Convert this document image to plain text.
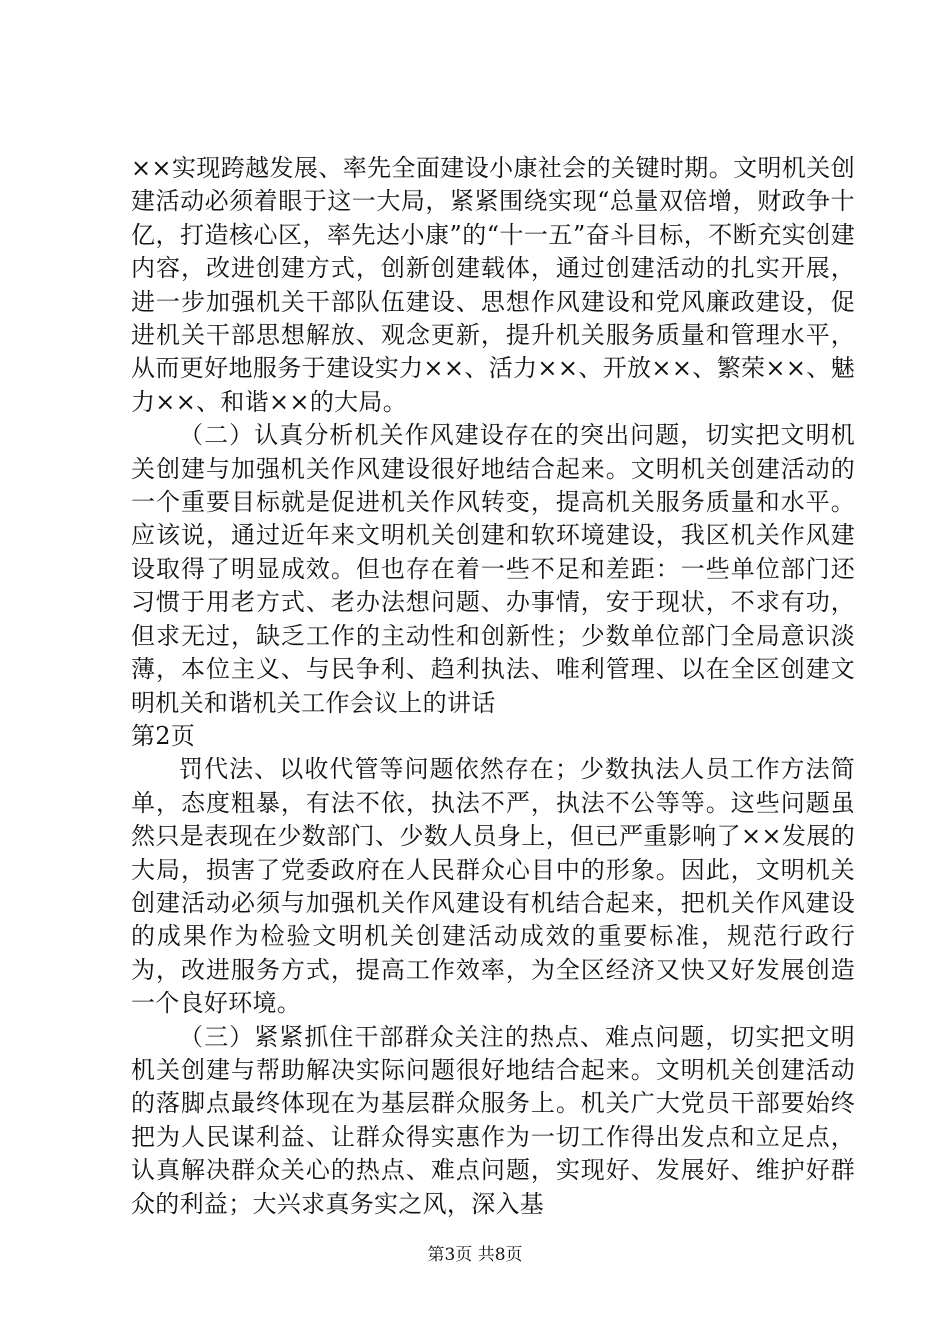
××实现跨越发展、率先全面建设小康社会的关键时期。文明机关创建活动必须着眼于这一大局，紧紧围绕实现“总量双倍增，财政争十亿，打造核心区，率先达小康”的“十一五”奋斗目标，不断充实创建内容，改进创建方式，创新创建载体，通过创建活动的扎实开展，进一步加强机关干部队伍建设、思想作风建设和党风廉政建设，促进机关干部思想解放、观念更新，提升机关服务质量和管理水平，从而更好地服务于建设实力××、活力××、开放××、繁荣××、魅力××、和谐××的大局。

（二）认真分析机关作风建设存在的突出问题，切实把文明机关创建与加强机关作风建设很好地结合起来。文明机关创建活动的一个重要目标就是促进机关作风转变，提高机关服务质量和水平。应该说，通过近年来文明机关创建和软环境建设，我区机关作风建设取得了明显成效。但也存在着一些不足和差距：一些单位部门还习惯于用老方式、老办法想问题、办事情，安于现状，不求有功，但求无过，缺乏工作的主动性和创新性；少数单位部门全局意识淡薄，本位主义、与民争利、趋利执法、唯利管理、以在全区创建文明机关和谐机关工作会议上的讲话

第2页

罚代法、以收代管等问题依然存在；少数执法人员工作方法简单，态度粗暴，有法不依，执法不严，执法不公等等。这些问题虽然只是表现在少数部门、少数人员身上，但已严重影响了××发展的大局，损害了党委政府在人民群众心目中的形象。因此，文明机关创建活动必须与加强机关作风建设有机结合起来，把机关作风建设的成果作为检验文明机关创建活动成效的重要标准，规范行政行为，改进服务方式，提高工作效率，为全区经济又快又好发展创造一个良好环境。

（三）紧紧抓住干部群众关注的热点、难点问题，切实把文明机关创建与帮助解决实际问题很好地结合起来。文明机关创建活动的落脚点最终体现在为基层群众服务上。机关广大党员干部要始终把为人民谋利益、让群众得实惠作为一切工作得出发点和立足点，认真解决群众关心的热点、难点问题，实现好、发展好、维护好群众的利益；大兴求真务实之风，深入基

第3页 共8页
